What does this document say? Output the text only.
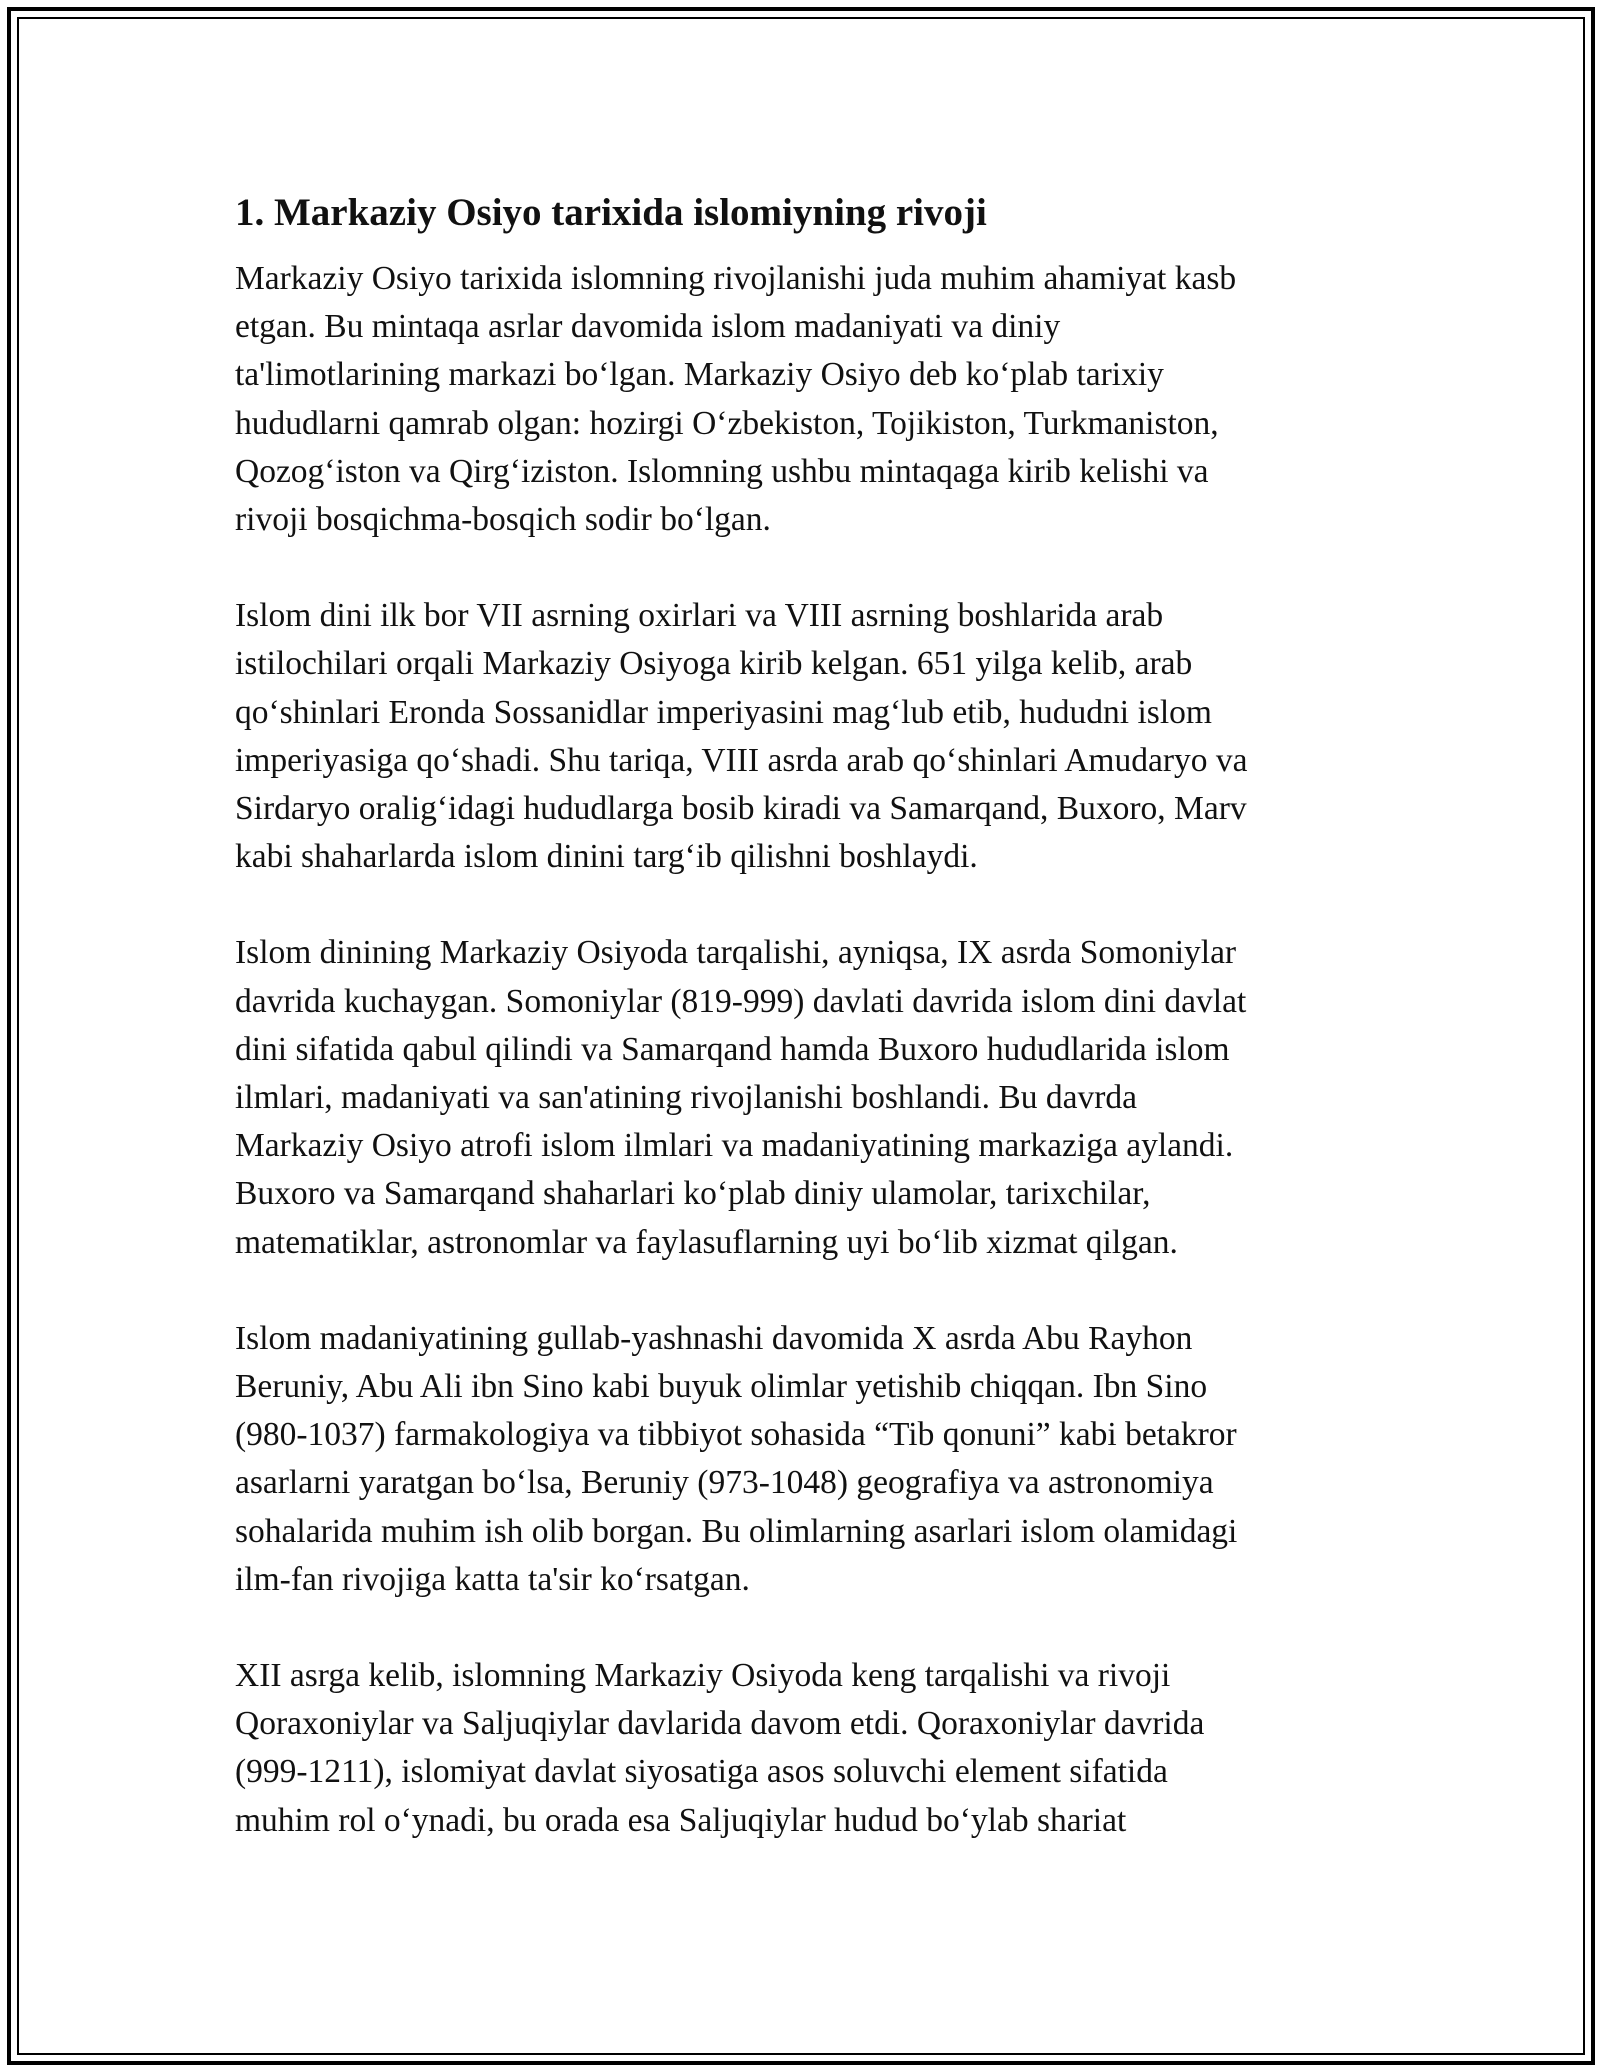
1. Markaziy Osiyo tarixida islomiyning rivoji
Markaziy Osiyo tarixida islomning rivojlanishi juda muhim ahamiyat kasb
etgan. Bu mintaqa asrlar davomida islom madaniyati va diniy
ta'limotlarining markazi bo‘lgan. Markaziy Osiyo deb ko‘plab tarixiy
hududlarni qamrab olgan: hozirgi O‘zbekiston, Tojikiston, Turkmaniston,
Qozog‘iston va Qirg‘iziston. Islomning ushbu mintaqaga kirib kelishi va
rivoji bosqichma-bosqich sodir bo‘lgan.
Islom dini ilk bor VII asrning oxirlari va VIII asrning boshlarida arab
istilochilari orqali Markaziy Osiyoga kirib kelgan. 651 yilga kelib, arab
qo‘shinlari Eronda Sossanidlar imperiyasini mag‘lub etib, hududni islom
imperiyasiga qo‘shadi. Shu tariqa, VIII asrda arab qo‘shinlari Amudaryo va
Sirdaryo oralig‘idagi hududlarga bosib kiradi va Samarqand, Buxoro, Marv
kabi shaharlarda islom dinini targ‘ib qilishni boshlaydi.
Islom dinining Markaziy Osiyoda tarqalishi, ayniqsa, IX asrda Somoniylar
davrida kuchaygan. Somoniylar (819-999) davlati davrida islom dini davlat
dini sifatida qabul qilindi va Samarqand hamda Buxoro hududlarida islom
ilmlari, madaniyati va san'atining rivojlanishi boshlandi. Bu davrda
Markaziy Osiyo atrofi islom ilmlari va madaniyatining markaziga aylandi.
Buxoro va Samarqand shaharlari ko‘plab diniy ulamolar, tarixchilar,
matematiklar, astronomlar va faylasuflarning uyi bo‘lib xizmat qilgan.
Islom madaniyatining gullab-yashnashi davomida X asrda Abu Rayhon
Beruniy, Abu Ali ibn Sino kabi buyuk olimlar yetishib chiqqan. Ibn Sino
(980-1037) farmakologiya va tibbiyot sohasida “Tib qonuni” kabi betakror
asarlarni yaratgan bo‘lsa, Beruniy (973-1048) geografiya va astronomiya
sohalarida muhim ish olib borgan. Bu olimlarning asarlari islom olamidagi
ilm-fan rivojiga katta ta'sir ko‘rsatgan.
XII asrga kelib, islomning Markaziy Osiyoda keng tarqalishi va rivoji
Qoraxoniylar va Saljuqiylar davlarida davom etdi. Qoraxoniylar davrida
(999-1211), islomiyat davlat siyosatiga asos soluvchi element sifatida
muhim rol o‘ynadi, bu orada esa Saljuqiylar hudud bo‘ylab shariat
